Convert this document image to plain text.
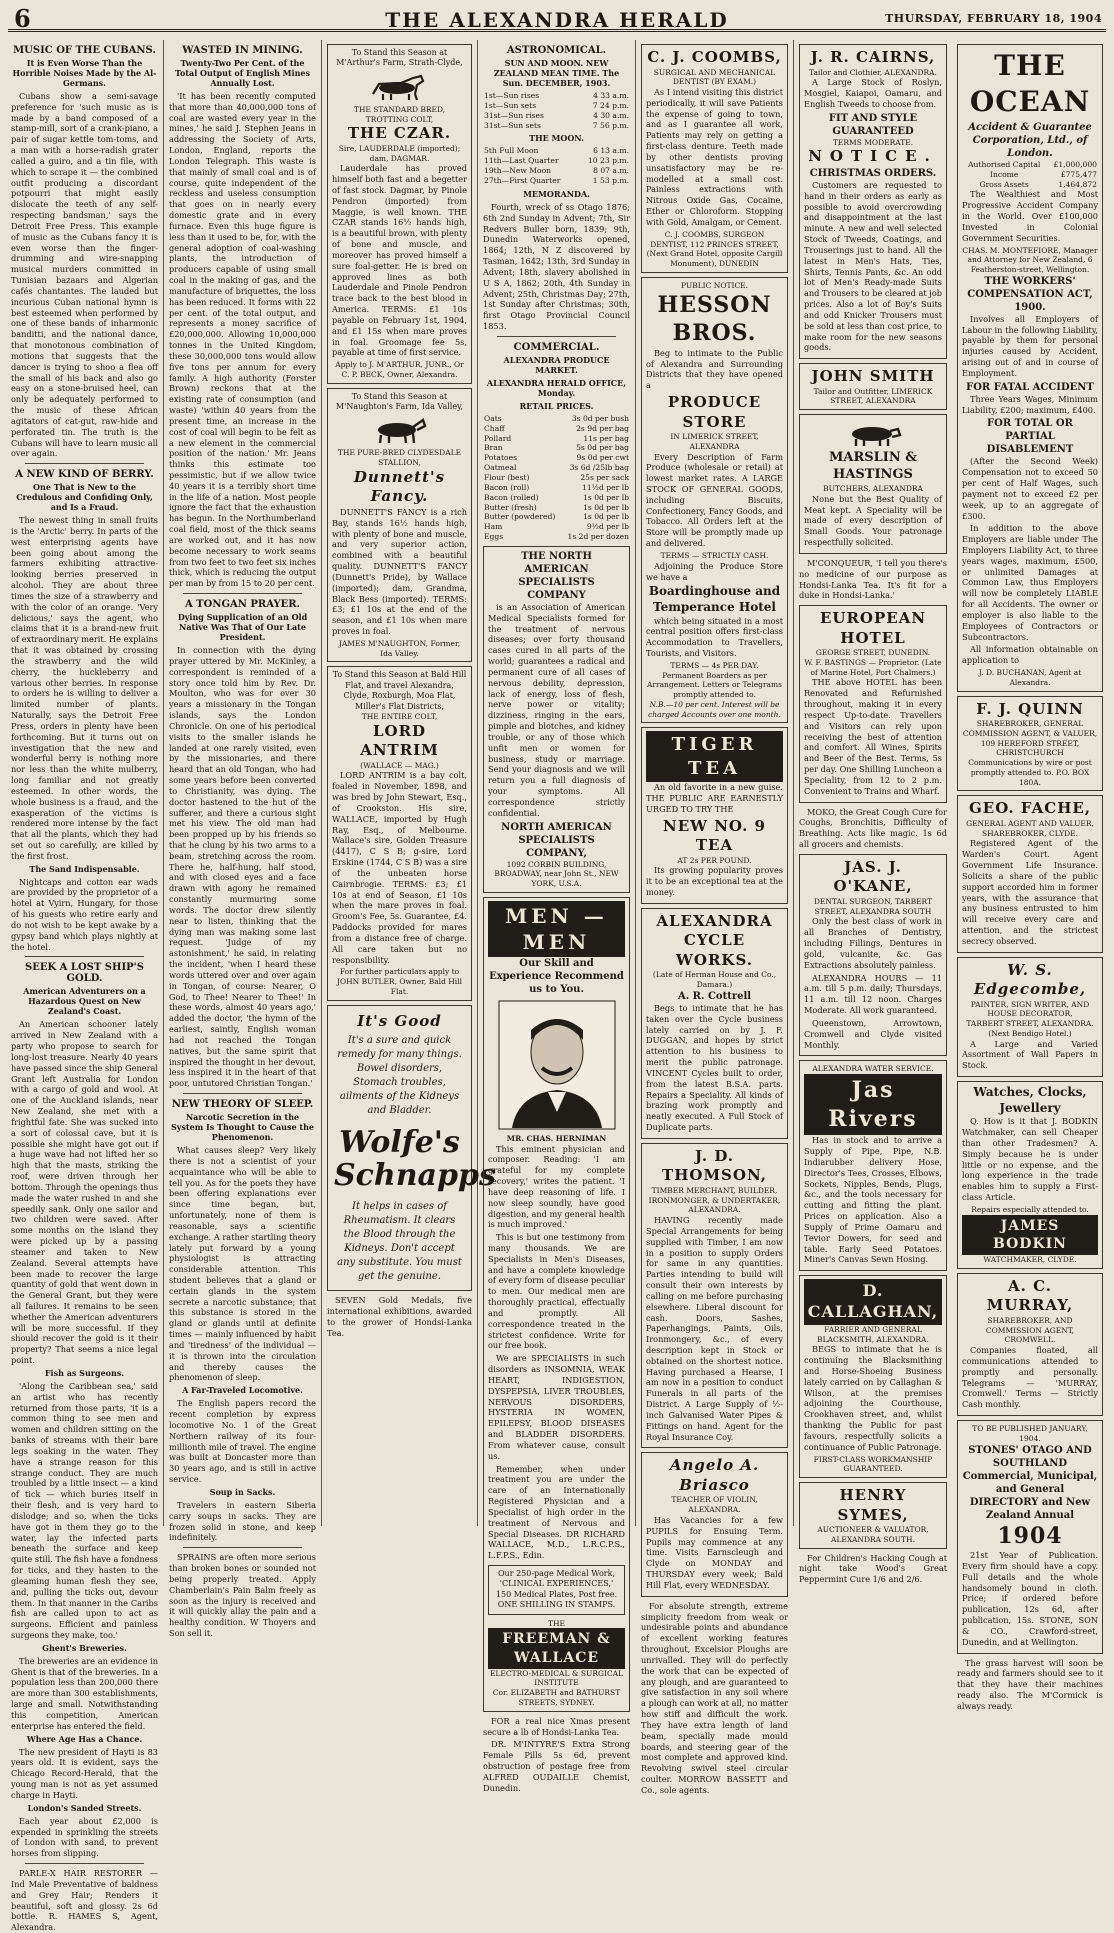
6	THE ALEXANDRA HERALD	THURSDAY, FEBRUARY 18, 1904
MUSIC OF THE CUBANS.
It is Even Worse Than the Horrible Noises Made by the Al-Germans.

Cubans show a semi-savage preference for 'such music as is made by a band composed of a stamp-mill, sort of a crank-piano, a pair of sugar kettle tom-toms, and a man with a horse-radish grater called a guiro, and a tin file, with which to scrape it — the combined outfit producing a discordant potpourri that might easily dislocate the teeth of any self-respecting bandsman,' says the Detroit Free Press. This example of music as the Cubans fancy it is even worse than the finger-drumming and wire-snapping musical murders committed in Tunisian bazaars and Algerian cafés chantantes. The lauded but incurious Cuban national hymn is best esteemed when performed by one of these bands of inharmonic banditti, and the national dance, that monotonous combination of motions that suggests that the dancer is trying to shoo a flea off the small of his back and also go easy on a stone-bruised heel, can only be adequately performed to the music of these African agitators of cat-gut, raw-hide and perforated tin. The truth is the Cubans will have to learn music all over again.

A NEW KIND OF BERRY.
One That is New to the Credulous and Confiding Only, and Is a Fraud.

The newest thing in small fruits is the 'Arctic' berry. In parts of the west enterprising agents have been going about among the farmers exhibiting attractive-looking berries preserved in alcohol. They are about three times the size of a strawberry and with the color of an orange. 'Very delicious,' says the agent, who claims that it is a brand-new fruit of extraordinary merit. He explains that it was obtained by crossing the strawberry and the wild cherry, the huckleberry and various other berries. In response to orders he is willing to deliver a limited number of plants. Naturally, says the Detroit Free Press, orders in plenty have been forthcoming. But it turns out on investigation that the new and wonderful berry is nothing more nor less than the white mulberry, long familiar and not greatly esteemed. In other words, the whole business is a fraud, and the exasperation of the victims is rendered more intense by the fact that all the plants, which they had set out so carefully, are killed by the first frost.

The Sand Indispensable.

Nightcaps and cotton ear wads are provided by the proprietor of a hotel at Vyirn, Hungary, for those of his guests who retire early and do not wish to be kept awake by a gypsy band which plays nightly at the hotel.

SEEK A LOST SHIP'S GOLD.
American Adventurers on a Hazardous Quest on New Zealand's Coast.

An American schooner lately arrived in New Zealand with a party who propose to search for long-lost treasure. Nearly 40 years have passed since the ship General Grant left Australia for London with a cargo of gold and wool. At one of the Auckland islands, near New Zealand, she met with a frightful fate. She was sucked into a sort of colossal cave, but it is possible she might have got out if a huge wave had not lifted her so high that the masts, striking the roof, were driven through her bottom. Through the openings thus made the water rushed in and she speedily sank. Only one sailor and two children were saved. After some months on the island they were picked up by a passing steamer and taken to New Zealand. Several attempts have been made to recover the large quantity of gold that went down in the General Grant, but they were all failures. It remains to be seen whether the American adventurers will be more successful. If they should recover the gold is it their property? That seems a nice legal point.

Fish as Surgeons.

'Along the Caribbean sea,' said an artist who has recently returned from those parts, 'it is a common thing to see men and women and children sitting on the banks of streams with their bare legs soaking in the water. They have a strange reason for this strange conduct. They are much troubled by a little insect — a kind of tick — which buries itself in their flesh, and is very hard to dislodge; and so, when the ticks have got in them they go to the water, lay the infected parts beneath the surface and keep quite still. The fish have a fondness for ticks, and they hasten to the gleaming human flesh they see, and, pulling the ticks out, devour them. In that manner in the Caribs fish are called upon to act as surgeons. Efficient and painless surgeons they make, too.'

Ghent's Breweries.

The breweries are an evidence in Ghent is that of the breweries. In a population less than 200,000 there are more than 300 establishments, large and small. Notwithstanding this competition, American enterprise has entered the field.

Where Age Has a Chance.

The new president of Hayti is 83 years old. It is evident, says the Chicago Record-Herald, that the young man is not as yet assumed charge in Hayti.

London's Sanded Streets.

Each year about £2,000 is expended in sprinkling the streets of London with sand, to prevent horses from slipping.

PARLE-X HAIR RESTORER — Ind Male Preventative of baldness and Grey Hair; Renders it beautiful, soft and glossy. 2s 6d bottle. R. HAMES S, Agent, Alexandra.

WASTED IN MINING.
Twenty-Two Per Cent. of the Total Output of English Mines Annually Lost.

'It has been recently computed that more than 40,000,000 tons of coal are wasted every year in the mines,' he said J. Stephen Jeans in addressing the Society of Arts, London, England, reports the London Telegraph. This waste is that mainly of small coal and is of course, quite independent of the reckless and useless consumption that goes on in nearly every domestic grate and in every furnace. Even this huge figure is less than it used to be, for, with the general adoption of coal-washing plants, the introduction of producers capable of using small coal in the making of gas, and the manufacture of briquettes, the loss has been reduced. It forms with 22 per cent. of the total output, and represents a money sacrifice of £20,000,000. Allowing 10,000,000 tonnes in the United Kingdom, these 30,000,000 tons would allow five tons per annum for every family. A high authority (Forster Brown) reckons that at the existing rate of consumption (and waste) 'within 40 years from the present time, an increase in the cost of coal will begin to be felt as a new element in the commercial position of the nation.' Mr. Jeans thinks this estimate too pessimistic, but if we allow twice 40 years it is a terribly short time in the life of a nation. Most people ignore the fact that the exhaustion has begun. In the Northumberland coal field, most of the thick seams are worked out, and it has now become necessary to work seams from two feet to two feet six inches thick, which is reducing the output per man by from 15 to 20 per cent.

A TONGAN PRAYER.
Dying Supplication of an Old Native Was That of Our Late President.

In connection with the dying prayer uttered by Mr. McKinley, a correspondent is reminded of a story once told him by Rev. Dr. Moulton, who was for over 30 years a missionary in the Tongan islands, says the London Chronicle. On one of his periodical visits to the smaller islands he landed at one rarely visited, even by the missionaries, and there heard that an old Tongan, who had some years before been converted to Christianity, was dying. The doctor hastened to the hut of the sufferer, and there a curious sight met his view. The old man had been propped up by his friends so that he clung by his two arms to a beam, stretching across the room. There he, half-hung, half stood, and with closed eyes and a face drawn with agony he remained constantly murmuring some words. The doctor drew silently near to listen, thinking that the dying man was making some last request. 'Judge of my astonishment,' he said, in relating the incident, 'when I heard these words uttered over and over again in Tongan, of course: Nearer, O God, to Thee! Nearer to Thee!' In these words, almost 40 years ago,' added the doctor, 'the hymn of the earliest, saintly, English woman had not reached the Tongan natives, but the same spirit that inspired the thought in her devout, less inspired it in the heart of that poor, untutored Christian Tongan.'

NEW THEORY OF SLEEP.
Narcotic Secretion in the System Is Thought to Cause the Phenomenon.

What causes sleep? Very likely there is not a scientist of your acquaintance who will be able to tell you. As for the poets they have been offering explanations ever since time began, but, unfortunately, none of them is reasonable, says a scientific exchange. A rather startling theory lately put forward by a young physiologist is attracting considerable attention. This student believes that a gland or certain glands in the system secrete a narcotic substance; that this substance is stored in the gland or glands until at definite times — mainly influenced by habit and 'tiredness' of the individual — it is thrown into the circulation and thereby causes the phenomenon of sleep.

A Far-Traveled Locomotive.

The English papers record the recent completion by express locomotive No. 1 of the Great Northern railway of its four-millionth mile of travel. The engine was built at Doncaster more than 30 years ago, and is still in active service.

Soup in Sacks.

Travelers in eastern Siberia carry soups in sacks. They are frozen solid in stone, and keep indefinitely.

SPRAINS are often more serious than broken bones or sounded not being properly treated. Apply Chamberlain's Pain Balm freely as soon as the injury is received and it will quickly allay the pain and a healthy condition. W Thoyers and Son sell it.

To Stand this Season at M'Arthur's Farm, Strath-Clyde,
THE STANDARD BRED, TROTTING COLT,
THE CZAR.
Sire, LAUDERDALE (imported); dam, DAGMAR.

Lauderdale has proved himself both fast and a begetter of fast stock. Dagmar, by Pinole Pendron (imported) from Maggie, is well known. THE CZAR stands 16½ hands high, is a beautiful brown, with plenty of bone and muscle, and moreover has proved himself a sure foal-getter. He is bred on approved lines as both Lauderdale and Pinole Pendron trace back to the best blood in America. TERMS: £1 10s payable on February 1st, 1904, and £1 15s when mare proves in foal. Groomage fee 5s, payable at time of first service.

Apply to J. M'ARTHUR, JUNR., Or C. P. BECK, Owner, Alexandra.
To Stand this Season at M'Naughton's Farm, Ida Valley,
THE PURE-BRED CLYDESDALE STALLION,
Dunnett's Fancy.

DUNNETT'S FANCY is a rich Bay, stands 16½ hands high, with plenty of bone and muscle, and very superior action, combined with a beautiful quality. DUNNETT'S FANCY (Dunnett's Pride), by Wallace (imported); dam, Grandma, Black Bess (imported). TERMS: £3; £1 10s at the end of the season, and £1 10s when mare proves in foal.

JAMES M'NAUGHTON, Former, Ida Valley.
To Stand this Season at Bald Hill Flat, and travel Alexandra, Clyde, Roxburgh, Moa Flat, Miller's Flat Districts,
THE ENTIRE COLT,
LORD ANTRIM
(WALLACE — MAG.)

LORD ANTRIM is a bay colt, foaled in November, 1898, and was bred by John Stewart, Esq., of Crookston. His sire, WALLACE, imported by Hugh Ray, Esq., of Melbourne. Wallace's sire, Golden Treasure (4417), C S B; g-sire, Lord Erskine (1744, C S B) was a sire of the unbeaten horse Cairnbrogie. TERMS: £3; £1 10s at end of Season, £1 10s when the mare proves in foal. Groom's Fee, 5s. Guarantee, £4. Paddocks provided for mares from a distance free of charge. All care taken but no responsibility.

For further particulars apply to JOHN BUTLER, Owner, Bald Hill Flat.
It's Good
It's a sure and quick remedy for many things. Bowel disorders, Stomach troubles, ailments of the Kidneys and Bladder.
Wolfe's Schnapps
It helps in cases of Rheumatism. It clears the Blood through the Kidneys. Don't accept any substitute. You must get the genuine.

SEVEN Gold Medals, five international exhibitions, awarded to the grower of Hondsi-Lanka Tea.

ASTRONOMICAL.
SUN AND MOON. NEW ZEALAND MEAN TIME. The Sun. DECEMBER, 1903.
1st—Sun rises	4 33 a.m.
1st—Sun sets	7 24 p.m.
31st—Sun rises	4 30 a.m.
31st—Sun sets	7 56 p.m.
THE MOON.
5th Full Moon	6 13 a.m.
11th—Last Quarter	10 23 p.m.
19th—New Moon	8 07 a.m.
27th—First Quarter	1 53 p.m.
MEMORANDA.

Fourth, wreck of ss Otago 1876; 6th 2nd Sunday in Advent; 7th, Sir Redvers Buller born, 1839; 9th, Dunedin Waterworks opened, 1864; 12th, N Z discovered by Tasman, 1642; 13th, 3rd Sunday in Advent; 18th, slavery abolished in U S A, 1862; 20th, 4th Sunday in Advent; 25th, Christmas Day; 27th, 1st Sunday after Christmas; 30th, first Otago Provincial Council 1853.

COMMERCIAL.
ALEXANDRA PRODUCE MARKET.
ALEXANDRA HERALD OFFICE, Monday.
RETAIL PRICES.
Oats	3s 0d per bush
Chaff	2s 9d per bag
Pollard	11s per bag
Bran	5s 0d per bag
Potatoes	9s 0d per cwt
Oatmeal	3s 6d /25lb bag
Flour (best)	25s per sack
Bacon (roll)	11½d per lb
Bacon (rolled)	1s 0d per lb
Butter (fresh)	1s 0d per lb
Butter (powdered)	1s 0d per lb
Ham	9½d per lb
Eggs	1s 2d per dozen
THE NORTH AMERICAN SPECIALISTS COMPANY

is an Association of American Medical Specialists formed for the treatment of nervous diseases; over forty thousand cases cured in all parts of the world; guarantees a radical and permanent cure of all cases of nervous debility, depression, lack of energy, loss of flesh, nerve power or vitality; dizziness, ringing in the ears, pimple and blotches, and kidney trouble, or any of those which unfit men or women for business, study or marriage. Send your diagnosis and we will return you a full diagnosis of your symptoms. All correspondence strictly confidential.

NORTH AMERICAN SPECIALISTS COMPANY,
1092 CORBIN BUILDING, BROADWAY, near John St., NEW YORK, U.S.A.
MEN — MEN
Our Skill and Experience Recommend us to You.
MR. CHAS. HERNIMAN

This eminent physician and composer. Reading: 'I am grateful for my complete recovery,' writes the patient. 'I have deep reasoning of life. I now sleep soundly, have good digestion, and my general health is much improved.'

This is but one testimony from many thousands. We are Specialists in Men's Diseases, and have a complete knowledge of every form of disease peculiar to men. Our medical men are thoroughly practical, effectually and promptly. All correspondence treated in the strictest confidence. Write for our free book.

We are SPECIALISTS in such disorders as INSOMNIA, WEAK HEART, INDIGESTION, DYSPEPSIA, LIVER TROUBLES, NERVOUS DISORDERS, HYSTERIA IN WOMEN, EPILEPSY, BLOOD DISEASES and BLADDER DISORDERS. From whatever cause, consult us.

Remember, when under treatment you are under the care of an Internationally Registered Physician and a Specialist of high order in the treatment of Nervous and Special Diseases. DR RICHARD WALLACE, M.D., L.R.C.P.S., L.F.P.S., Edin.

Our 250-page Medical Work, 'CLINICAL EXPERIENCES,' 150 Medical Plates, Post free. ONE SHILLING IN STAMPS.
THE
FREEMAN & WALLACE
ELECTRO-MEDICAL & SURGICAL INSTITUTE
Cor. ELIZABETH and BATHURST STREETS, SYDNEY.

FOR a real nice Xmas present secure a lb of Hondsi-Lanka Tea.

DR. M'INTYRE'S Extra Strong Female Pills 5s 6d, prevent obstruction of postage free from ALFRED OUDAILLE Chemist, Dunedin.

C. J. COOMBS,
SURGICAL AND MECHANICAL DENTIST (BY EXAM.)

As I intend visiting this district periodically, it will save Patients the expense of going to town, and as I guarantee all work, Patients may rely on getting a first-class denture. Teeth made by other dentists proving unsatisfactory may be re-modelled at a small cost. Painless extractions with Nitrous Oxide Gas, Cocaine, Ether or Chloroform. Stopping with Gold, Amalgam, or Cement.

C. J. COOMBS, SURGEON DENTIST, 112 PRINCES STREET, (Next Grand Hotel, opposite Cargill Monument), DUNEDIN
PUBLIC NOTICE.
HESSON BROS.

Beg to intimate to the Public of Alexandra and Surrounding Districts that they have opened a

PRODUCE STORE
IN LIMERICK STREET, ALEXANDRA

Every Description of Farm Produce (wholesale or retail) at lowest market rates. A LARGE STOCK OF GENERAL GOODS, including Biscuits, Confectionery, Fancy Goods, and Tobacco. All Orders left at the Store will be promptly made up and delivered.

TERMS — STRICTLY CASH.

Adjoining the Produce Store we have a

Boardinghouse and Temperance Hotel

which being situated in a most central position offers first-class Accommodation to Travellers, Tourists, and Visitors.

TERMS — 4s PER DAY.
Permanent Boarders as per Arrangement. Letters or Telegrams promptly attended to.
N.B.—10 per cent. Interest will be charged Accounts over one month.
TIGER TEA

An old favorite in a new guise. THE PUBLIC ARE EARNESTLY URGED TO TRY THE

NEW NO. 9 TEA
AT 2s PER POUND.

Its growing popularity proves it to be an exceptional tea at the money.

ALEXANDRA CYCLE WORKS.
(Late of Herman House and Co., Damara.)
A. R. Cottrell

Begs to intimate that he has taken over the Cycle business lately carried on by J. F. DUGGAN, and hopes by strict attention to his business to merit the public patronage. VINCENT Cycles built to order, from the latest B.S.A. parts. Repairs a Speciality. All kinds of brazing work promptly and neatly executed. A Full Stock of Duplicate parts.

J. D. THOMSON,
TIMBER MERCHANT, BUILDER, IRONMONGER, & UNDERTAKER, ALEXANDRA.

HAVING recently made Special Arrangements for being supplied with Timber, I am now in a position to supply Orders for same in any quantities. Parties intending to build will consult their own interests by calling on me before purchasing elsewhere. Liberal discount for cash. Doors, Sashes, Paperhangings, Paints, Oils, Ironmongery, &c., of every description kept in Stock or obtained on the shortest notice. Having purchased a Hearse, I am now in a position to conduct Funerals in all parts of the District. A Large Supply of ½-inch Galvanised Water Pipes & Fittings on hand. Agent for the Royal Insurance Coy.

Angelo A. Briasco
TEACHER OF VIOLIN, ALEXANDRA.

Has Vacancies for a few PUPILS for Ensuing Term. Pupils may commence at any time. Visits Earnscleugh and Clyde on MONDAY and THURSDAY every week; Bald Hill Flat, every WEDNESDAY.

For absolute strength, extreme simplicity freedom from weak or undesirable points and abundance of excellent working features throughout, Excelsior Ploughs are unrivalled. They will do perfectly the work that can be expected of any plough, and are guaranteed to give satisfaction in any soil where a plough can work at all, no matter how stiff and difficult the work. They have extra length of land beam, specially made mould boards, and steering gear of the most complete and approved kind. Revolving swivel steel circular coulter. MORROW BASSETT and Co., sole agents.

J. R. CAIRNS,
Tailor and Clothier, ALEXANDRA.

A Large Stock of Roslyn, Mosgiel, Kaiapoi, Oamaru, and English Tweeds to choose from.

FIT AND STYLE GUARANTEED
TERMS MODERATE.
NOTICE.
CHRISTMAS ORDERS.

Customers are requested to hand in their orders as early as possible to avoid overcrowding and disappointment at the last minute. A new and well selected Stock of Tweeds, Coatings, and Trouserings just to hand. All the latest in Men's Hats, Ties, Shirts, Tennis Pants, &c. An odd lot of Men's Ready-made Suits and Trousers to be cleared at job prices. Also a lot of Boy's Suits and odd Knicker Trousers must be sold at less than cost price, to make room for the new seasons goods.

JOHN SMITH
Tailor and Outfitter, LIMERICK STREET, ALEXANDRA
MARSLIN & HASTINGS
BUTCHERS, ALEXANDRA

None but the Best Quality of Meat kept. A Speciality will be made of every description of Small Goods. Your patronage respectfully solicited.

M'CONQUEUR, 'I tell you there's no medicine of our purpose as Hondsi-Lanka Tea. It's fit for a duke in Hondsi-Lanka.'

EUROPEAN HOTEL
GEORGE STREET, DUNEDIN.
W. F. BASTINGS — Proprietor. (Late of Marine Hotel, Port Chalmers.)

THE above HOTEL has been Renovated and Refurnished throughout, making it in every respect Up-to-date. Travellers and Visitors can rely upon receiving the best of attention and comfort. All Wines, Spirits and Beer of the Best. Terms, 5s per day. One Shilling Luncheon a Speciality, from 12 to 2 p.m. Convenient to Trains and Wharf.

MOKO, the Great Cough Cure for Coughs, Bronchitis, Difficulty of Breathing. Acts like magic. 1s 6d all grocers and chemists.

JAS. J. O'KANE,
DENTAL SURGEON, TARBERT STREET, ALEXANDRA SOUTH

Only the best class of work in all Branches of Dentistry, including Fillings, Dentures in gold, vulcanite, &c. Gas Extractions absolutely painless.

ALEXANDRA HOURS — 11 a.m. till 5 p.m. daily; Thursdays, 11 a.m. till 12 noon. Charges Moderate. All work guaranteed.

Queenstown, Arrowtown, Cromwell and Clyde visited Monthly.

ALEXANDRA WATER SERVICE.
Jas Rivers

Has in stock and to arrive a Supply of Pipe, Pipe, N.B. Indiarubber delivery Hose, Director's Tees, Crosses, Elbows, Sockets, Nipples, Bends, Plugs, &c., and the tools necessary for cutting and fitting the plant. Prices on application. Also a Supply of Prime Oamaru and Tevior Dowers, for seed and table. Early Seed Potatoes. Miner's Canvas Sewn Hosing.

D. CALLAGHAN,
FARRIER AND GENERAL BLACKSMITH, ALEXANDRA.

BEGS to intimate that he is continuing the Blacksmithing and Horse-Shoeing Business lately carried on by Callaghan & Wilson, at the premises adjoining the Courthouse, Crookhaven street, and, whilst thanking the Public for past favours, respectfully solicits a continuance of Public Patronage.

FIRST-CLASS WORKMANSHIP GUARANTEED.
HENRY SYMES,
AUCTIONEER & VALUATOR, ALEXANDRA SOUTH.

For Children's Hacking Cough at night take Wood's Great Peppermint Cure 1/6 and 2/6.

THE OCEAN
Accident & Guarantee Corporation, Ltd., of London.
Authorised Capital	£1,000,000
Income	£775,477
Gross Assets	1,464,872

The Wealthiest and Most Progressive Accident Company in the World. Over £100,000 Invested in Colonial Government Securities.

CHAS. M. MONTEFIORE, Manager and Attorney for New Zealand, 6 Featherston-street, Wellington.
THE WORKERS' COMPENSATION ACT, 1900.

Involves all Employers of Labour in the following Liability, payable by them for personal injuries caused by Accident, arising out of and in course of Employment.

FOR FATAL ACCIDENT

Three Years Wages, Minimum Liability, £200; maximum, £400.

FOR TOTAL OR PARTIAL DISABLEMENT

(After the Second Week) Compensation not to exceed 50 per cent of Half Wages, such payment not to exceed £2 per week, up to an aggregate of £300.

In addition to the above Employers are liable under The Employers Liability Act, to three years wages, maximum, £500, or unlimited Damages at Common Law, thus Employers will now be completely LIABLE for all Accidents. The owner or employer is also liable to the Employees of Contractors or Subcontractors.

All information obtainable on application to

J. D. BUCHANAN, Agent at Alexandra.
F. J. QUINN
SHAREBROKER, GENERAL COMMISSION AGENT, & VALUER, 109 HEREFORD STREET, CHRISTCHURCH
Communications by wire or post promptly attended to. P.O. BOX 180A.
GEO. FACHE,
GENERAL AGENT AND VALUER, SHAREBROKER, CLYDE.

Registered Agent of the Warden's Court. Agent Government Life Insurance. Solicits a share of the public support accorded him in former years, with the assurance that any business entrusted to him will receive every care and attention, and the strictest secrecy observed.

W. S. Edgecombe,
PAINTER, SIGN WRITER, AND HOUSE DECORATOR,
TARBERT STREET, ALEXANDRA. (Next Bendigo Hotel.)

A Large and Varied Assortment of Wall Papers in Stock.

Watches, Clocks, Jewellery

Q. How is it that J. BODKIN Watchmaker, can sell Cheaper than other Tradesmen? A. Simply because he is under little or no expense, and the long experience in the trade enables him to supply a First-class Article.

Repairs especially attended to.
JAMES BODKIN
WATCHMAKER, CLYDE.
A. C. MURRAY,
SHAREBROKER, AND COMMISSION AGENT, CROMWELL.

Companies floated, all communications attended to promptly and personally. Telegrams — 'MURRAY, Cromwell.' Terms — Strictly Cash monthly.

TO BE PUBLISHED JANUARY, 1904.
STONES' OTAGO AND SOUTHLAND Commercial, Municipal, and General DIRECTORY and New Zealand Annual
1904

21st Year of Publication. Every firm should have a copy. Full details and the whole handsomely bound in cloth. Price; if ordered before publication, 12s 6d, after publication, 15s. STONE, SON & CO., Crawford-street, Dunedin, and at Wellington.

The grass harvest will soon be ready and farmers should see to it that they have their machines ready also. The M'Cormick is always ready.
